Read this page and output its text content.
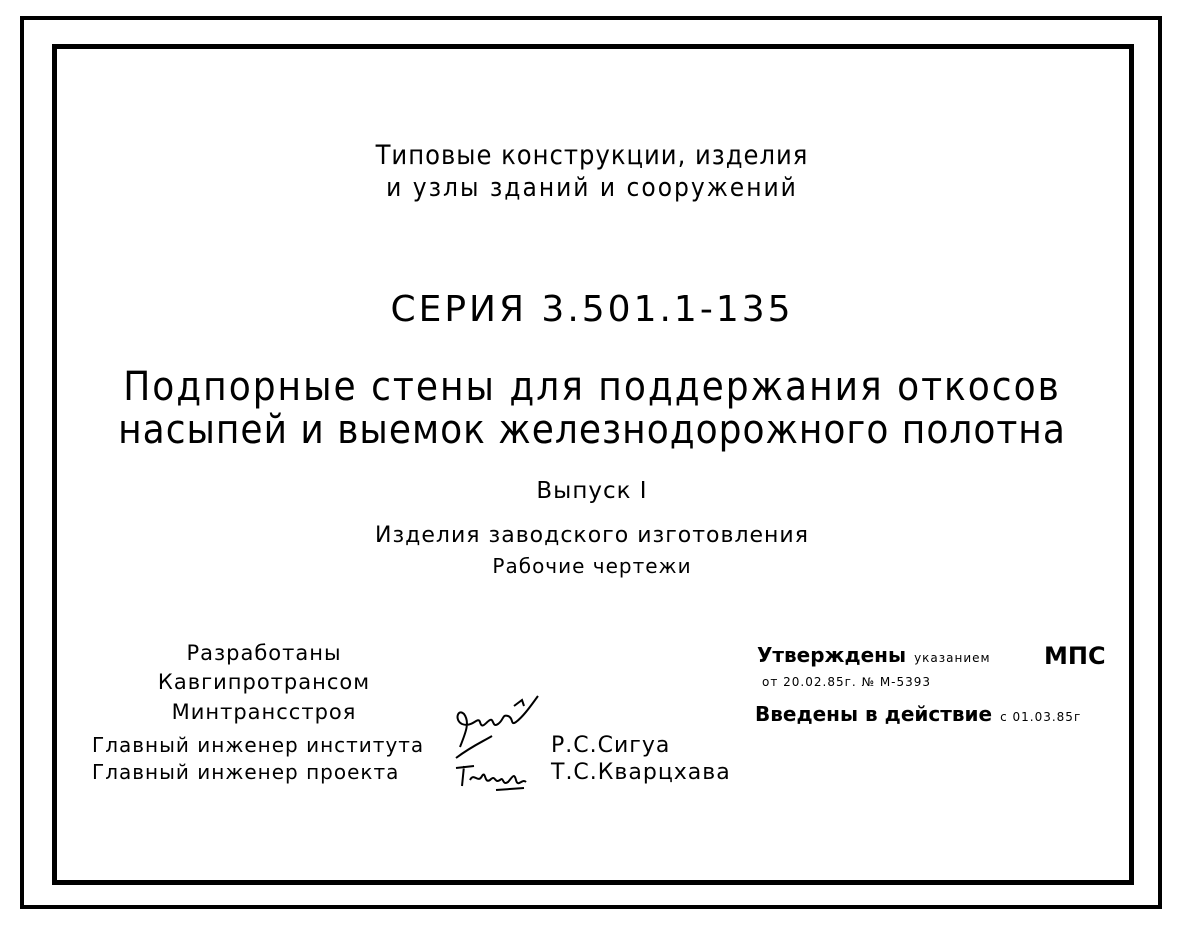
Типовые конструкции, изделия
и узлы зданий и сооружений
СЕРИЯ 3.501.1-135
Подпорные стены для поддержания откосов
насыпей и выемок железнодорожного полотна
Выпуск I
Изделия заводского изготовления
Рабочие чертежи
Разработаны
Кавгипротрансом
Минтрансстроя
Главный инженер института
Главный инженер проекта
Р.С.Сигуа
Т.С.Кварцхава
Утверждены указанием МПС
от 20.02.85г. № М-5393
Введены в действие с 01.03.85г
